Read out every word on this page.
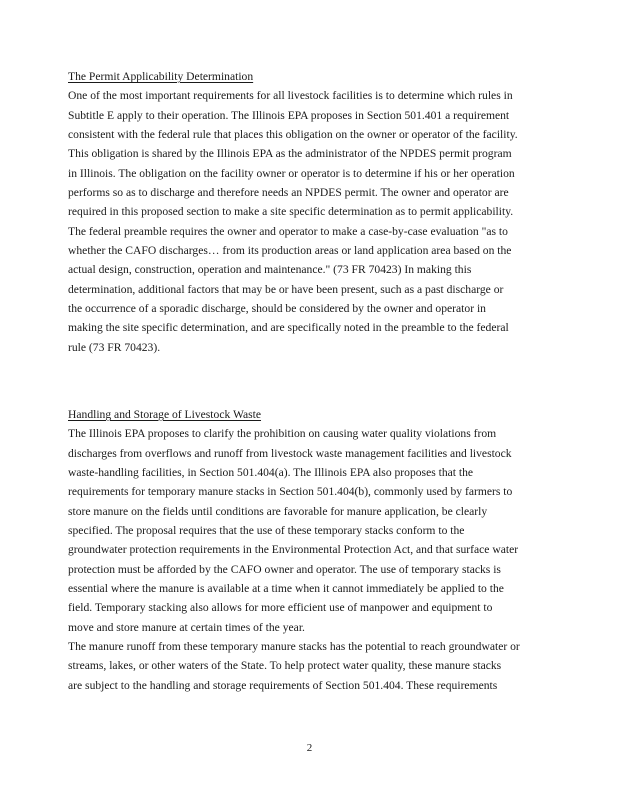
The Permit Applicability Determination
One of the most important requirements for all livestock facilities is to determine which rules in
Subtitle E apply to their operation. The Illinois EPA proposes in Section 501.401 a requirement
consistent with the federal rule that places this obligation on the owner or operator of the facility.
This obligation is shared by the Illinois EPA as the administrator of the NPDES permit program
in Illinois. The obligation on the facility owner or operator is to determine if his or her operation
performs so as to discharge and therefore needs an NPDES permit. The owner and operator are
required in this proposed section to make a site specific determination as to permit applicability.
The federal preamble requires the owner and operator to make a case-by-case evaluation "as to
whether the CAFO discharges… from its production areas or land application area based on the
actual design, construction, operation and maintenance." (73 FR 70423) In making this
determination, additional factors that may be or have been present, such as a past discharge or
the occurrence of a sporadic discharge, should be considered by the owner and operator in
making the site specific determination, and are specifically noted in the preamble to the federal
rule (73 FR 70423).
Handling and Storage of Livestock Waste
The Illinois EPA proposes to clarify the prohibition on causing water quality violations from
discharges from overflows and runoff from livestock waste management facilities and livestock
waste-handling facilities, in Section 501.404(a). The Illinois EPA also proposes that the
requirements for temporary manure stacks in Section 501.404(b), commonly used by farmers to
store manure on the fields until conditions are favorable for manure application, be clearly
specified. The proposal requires that the use of these temporary stacks conform to the
groundwater protection requirements in the Environmental Protection Act, and that surface water
protection must be afforded by the CAFO owner and operator. The use of temporary stacks is
essential where the manure is available at a time when it cannot immediately be applied to the
field. Temporary stacking also allows for more efficient use of manpower and equipment to
move and store manure at certain times of the year.
The manure runoff from these temporary manure stacks has the potential to reach groundwater or
streams, lakes, or other waters of the State. To help protect water quality, these manure stacks
are subject to the handling and storage requirements of Section 501.404. These requirements
2
